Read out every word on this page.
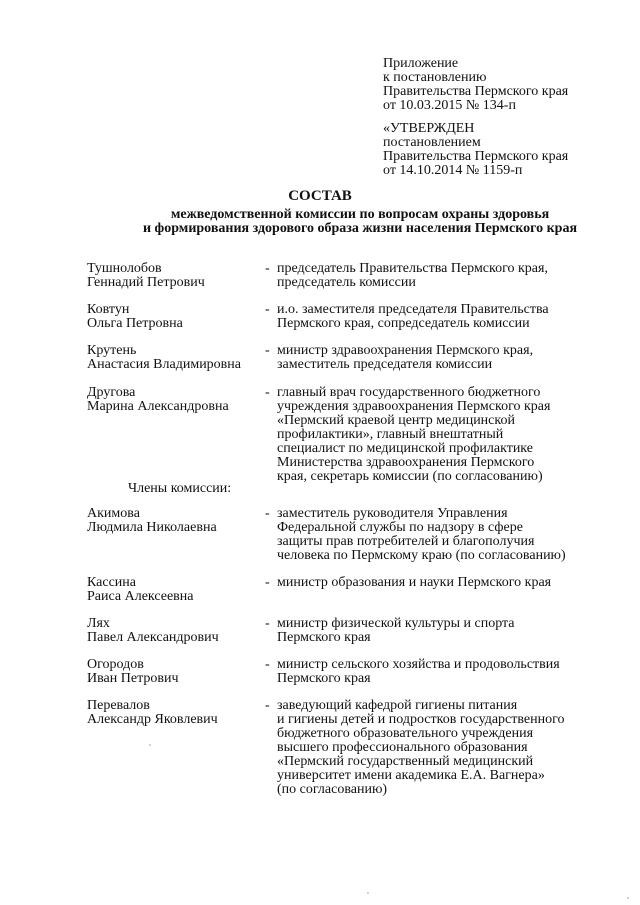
Приложение
к постановлению
Правительства Пермского края
от 10.03.2015 № 134-п
«УТВЕРЖДЕН
постановлением
Правительства Пермского края
от 14.10.2014 № 1159-п
СОСТАВ
межведомственной комиссии по вопросам охраны здоровья
и формирования здорового образа жизни населения Пермского края
Тушнолобов
Геннадий Петрович
- председатель Правительства Пермского края,
председатель комиссии
Ковтун
Ольга Петровна
- и.о. заместителя председателя Правительства
Пермского края, сопредседатель комиссии
Крутень
Анастасия Владимировна
- министр здравоохранения Пермского края,
заместитель председателя комиссии
Другова
Марина Александровна
- главный врач государственного бюджетного
учреждения здравоохранения Пермского края
«Пермский краевой центр медицинской
профилактики», главный внештатный
специалист по медицинской профилактике
Министерства здравоохранения Пермского
края, секретарь комиссии (по согласованию)
Члены комиссии:
Акимова
Людмила Николаевна
- заместитель руководителя Управления
Федеральной службы по надзору в сфере
защиты прав потребителей и благополучия
человека по Пермскому краю (по согласованию)
Кассина
Раиса Алексеевна
- министр образования и науки Пермского края
Лях
Павел Александрович
- министр физической культуры и спорта
Пермского края
Огородов
Иван Петрович
- министр сельского хозяйства и продовольствия
Пермского края
Перевалов
Александр Яковлевич
- заведующий кафедрой гигиены питания
и гигиены детей и подростков государственного
бюджетного образовательного учреждения
высшего профессионального образования
«Пермский государственный медицинский
университет имени академика Е.А. Вагнера»
(по согласованию)
